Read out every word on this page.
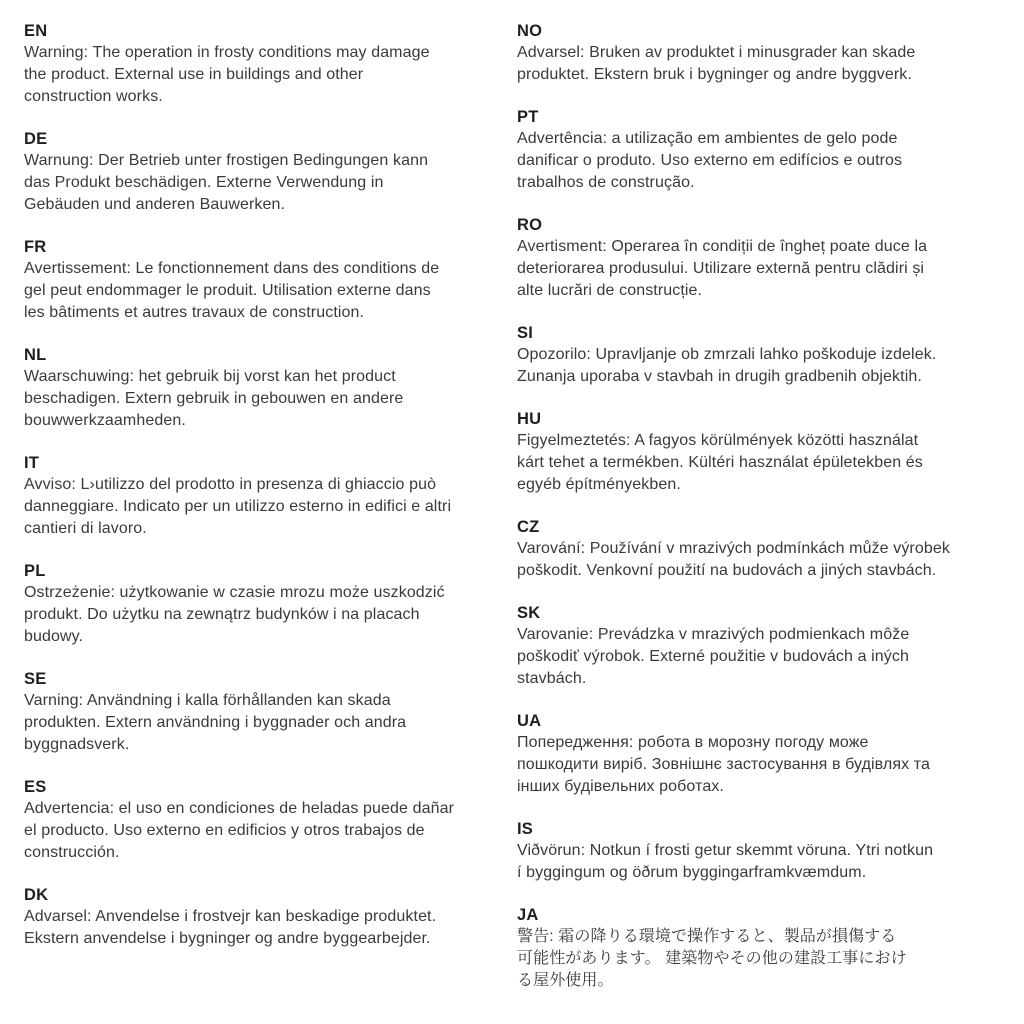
EN
Warning: The operation in frosty conditions may damage
the product. External use in buildings and other
construction works.
DE
Warnung: Der Betrieb unter frostigen Bedingungen kann
das Produkt beschädigen. Externe Verwendung in
Gebäuden und anderen Bauwerken.
FR
Avertissement: Le fonctionnement dans des conditions de
gel peut endommager le produit. Utilisation externe dans
les bâtiments et autres travaux de construction.
NL
Waarschuwing: het gebruik bij vorst kan het product
beschadigen. Extern gebruik in gebouwen en andere
bouwwerkzaamheden.
IT
Avviso: L›utilizzo del prodotto in presenza di ghiaccio può
danneggiare. Indicato per un utilizzo esterno in edifici e altri
cantieri di lavoro.
PL
Ostrzeżenie: użytkowanie w czasie mrozu może uszkodzić
produkt. Do użytku na zewnątrz budynków i na placach
budowy.
SE
Varning: Användning i kalla förhållanden kan skada
produkten. Extern användning i byggnader och andra
byggnadsverk.
ES
Advertencia: el uso en condiciones de heladas puede dañar
el producto. Uso externo en edificios y otros trabajos de
construcción.
DK
Advarsel: Anvendelse i frostvejr kan beskadige produktet.
Ekstern anvendelse i bygninger og andre byggearbejder.
NO
Advarsel: Bruken av produktet i minusgrader kan skade
produktet. Ekstern bruk i bygninger og andre byggverk.
PT
Advertência: a utilização em ambientes de gelo pode
danificar o produto. Uso externo em edifícios e outros
trabalhos de construção.
RO
Avertisment: Operarea în condiții de îngheț poate duce la
deteriorarea produsului. Utilizare externă pentru clădiri și
alte lucrări de construcție.
SI
Opozorilo: Upravljanje ob zmrzali lahko poškoduje izdelek.
Zunanja uporaba v stavbah in drugih gradbenih objektih.
HU
Figyelmeztetés: A fagyos körülmények közötti használat
kárt tehet a termékben. Kültéri használat épületekben és
egyéb építményekben.
CZ
Varování: Používání v mrazivých podmínkách může výrobek
poškodit. Venkovní použití na budovách a jiných stavbách.
SK
Varovanie: Prevádzka v mrazivých podmienkach môže
poškodiť výrobok. Externé použitie v budovách a iných
stavbách.
UA
Попередження: робота в морозну погоду може
пошкодити виріб. Зовнішнє застосування в будівлях та
інших будівельних роботах.
IS
Viðvörun: Notkun í frosti getur skemmt vöruna. Ytri notkun
í byggingum og öðrum byggingarframkvæmdum.
JA
警告: 霜の降りる環境で操作すると、製品が損傷する
可能性があります。 建築物やその他の建設工事におけ
る屋外使用。
